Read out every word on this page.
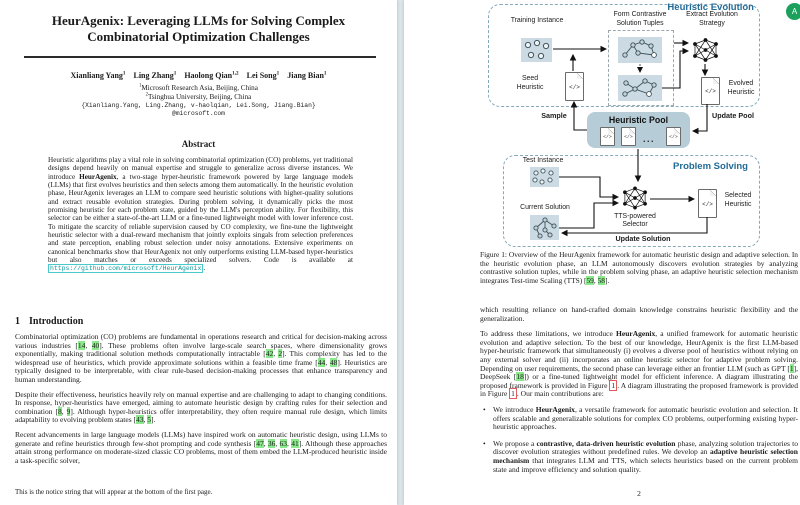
HeurAgenix: Leveraging LLMs for Solving Complex
Combinatorial Optimization Challenges
Xianliang Yang$^1$   Ling Zhang$^1$   Haolong Qian$^{1,2}$   Lei Song$^1$   Jiang Bian$^1$
$^1$Microsoft Research Asia, Beijing, China
$^2$Tsinghua University, Beijing, China
{Xianliang.Yang, Ling.Zhang, v-haolqian, Lei.Song, Jiang.Bian}
@microsoft.com
Abstract
Heuristic algorithms play a vital role in solving combinatorial optimization (CO) problems, yet traditional designs depend heavily on manual expertise and struggle to generalize across diverse instances. We introduce HeurAgenix, a two-stage hyper-heuristic framework powered by large language models (LLMs) that first evolves heuristics and then selects among them automatically. In the heuristic evolution phase, HeurAgenix leverages an LLM to compare seed heuristic solutions with higher-quality solutions and extract reusable evolution strategies. During problem solving, it dynamically picks the most promising heuristic for each problem state, guided by the LLM's perception ability. For flexibility, this selector can be either a state-of-the-art LLM or a fine-tuned lightweight model with lower inference cost. To mitigate the scarcity of reliable supervision caused by CO complexity, we fine-tune the lightweight heuristic selector with a dual-reward mechanism that jointly exploits singals from selection preferences and state perception, enabling robust selection under noisy annotations. Extensive experiments on canonical benchmarks show that HeurAgenix not only outperforms existing LLM-based hyper-heuristics but also matches or exceeds specialized solvers. Code is available at https://github.com/microsoft/HeurAgenix .
1 Introduction

Combinatorial optimization (CO) problems are fundamental in operations research and critical for decision-making across various industries [14, 40]. These problems often involve large-scale search spaces, where dimensionality grows exponentially, making traditional solution methods computationally intractable [42, 2]. This complexity has led to the widespread use of heuristics, which provide approximate solutions within a feasible time frame [44, 48]. Heuristics are typically designed to be interpretable, with clear rule-based decision-making processes that enhance transparency and human understanding.

Despite their effectiveness, heuristics heavily rely on manual expertise and are challenging to adapt to changing conditions. In response, hyper-heuristics have emerged, aiming to automate heuristic design by crafting rules for their selection and combination [8, 9]. Although hyper-heuristics offer interpretability, they often require manual rule design, which limits adaptability to evolving problem states [43, 5].

Recent advancements in large language models (LLMs) have inspired work on automatic heuristic design, using LLMs to generate and refine heuristics through few-shot prompting and code synthesis [47, 36, 63, 41]. Although these approaches attain strong performance on moderate-sized classic CO problems, most of them embed the LLM-produced heuristic inside a task-specific solver,

This is the notice string that will appear at the bottom of the first page.
Heuristic Evolution
Training Instance
Seed
Heuristic	</>
Form Contrastive
Solution Tuples
Extract Evolution
Strategy
</>
Evolved
Heuristic
Sample	Heuristic Pool
</>	</> ...	</>
Update Pool
Problem Solving
Test Instance
Current Solution
TTS-powered
Selector
</>
Selected
Heuristic
Update Solution
Figure 1: Overview of the HeurAgenix framework for automatic heuristic design and adaptive selection. In the heuristic evolution phase, an LLM autonomously discovers evolution strategies by analyzing contrastive solution tuples, while in the problem solving phase, an adaptive heuristic selection mechanism integrates Test-time Scaling (TTS) [59, 58].

which resulting reliance on hand-crafted domain knowledge constrains heuristic flexibility and the generalization.

To address these limitations, we introduce HeurAgenix, a unified framework for automatic heuristic evolution and adaptive selection. To the best of our knowledge, HeurAgenix is the first LLM-based hyper-heuristic framework that simultaneously (i) evolves a diverse pool of heuristics without relying on any external solver and (ii) incorporates an online heuristic selector for adaptive problem solving. Depending on user requirements, the second phase can leverage either an frontier LLM (such as GPT [1], DeepSeek [18]) or a fine-tuned lightweight model for efficient inference. A diagram illustrating the proposed framework is provided in Figure 1 . A diagram illustrating the proposed framework is provided in Figure 1 . Our main contributions are:

• We introduce HeurAgenix, a versatile framework for automatic heuristic evolution and selection. It offers scalable and generalizable solutions for complex CO problems, outperforming existing hyper-heuristic approaches.
• We propose a contrastive, data-driven heuristic evolution phase, analyzing solution trajectories to discover evolution strategies without predefined rules. We develop an adaptive heuristic selection mechanism that integrates LLM and TTS, which selects heuristics based on the current problem state and improve efficiency and solution quality.
2
A
